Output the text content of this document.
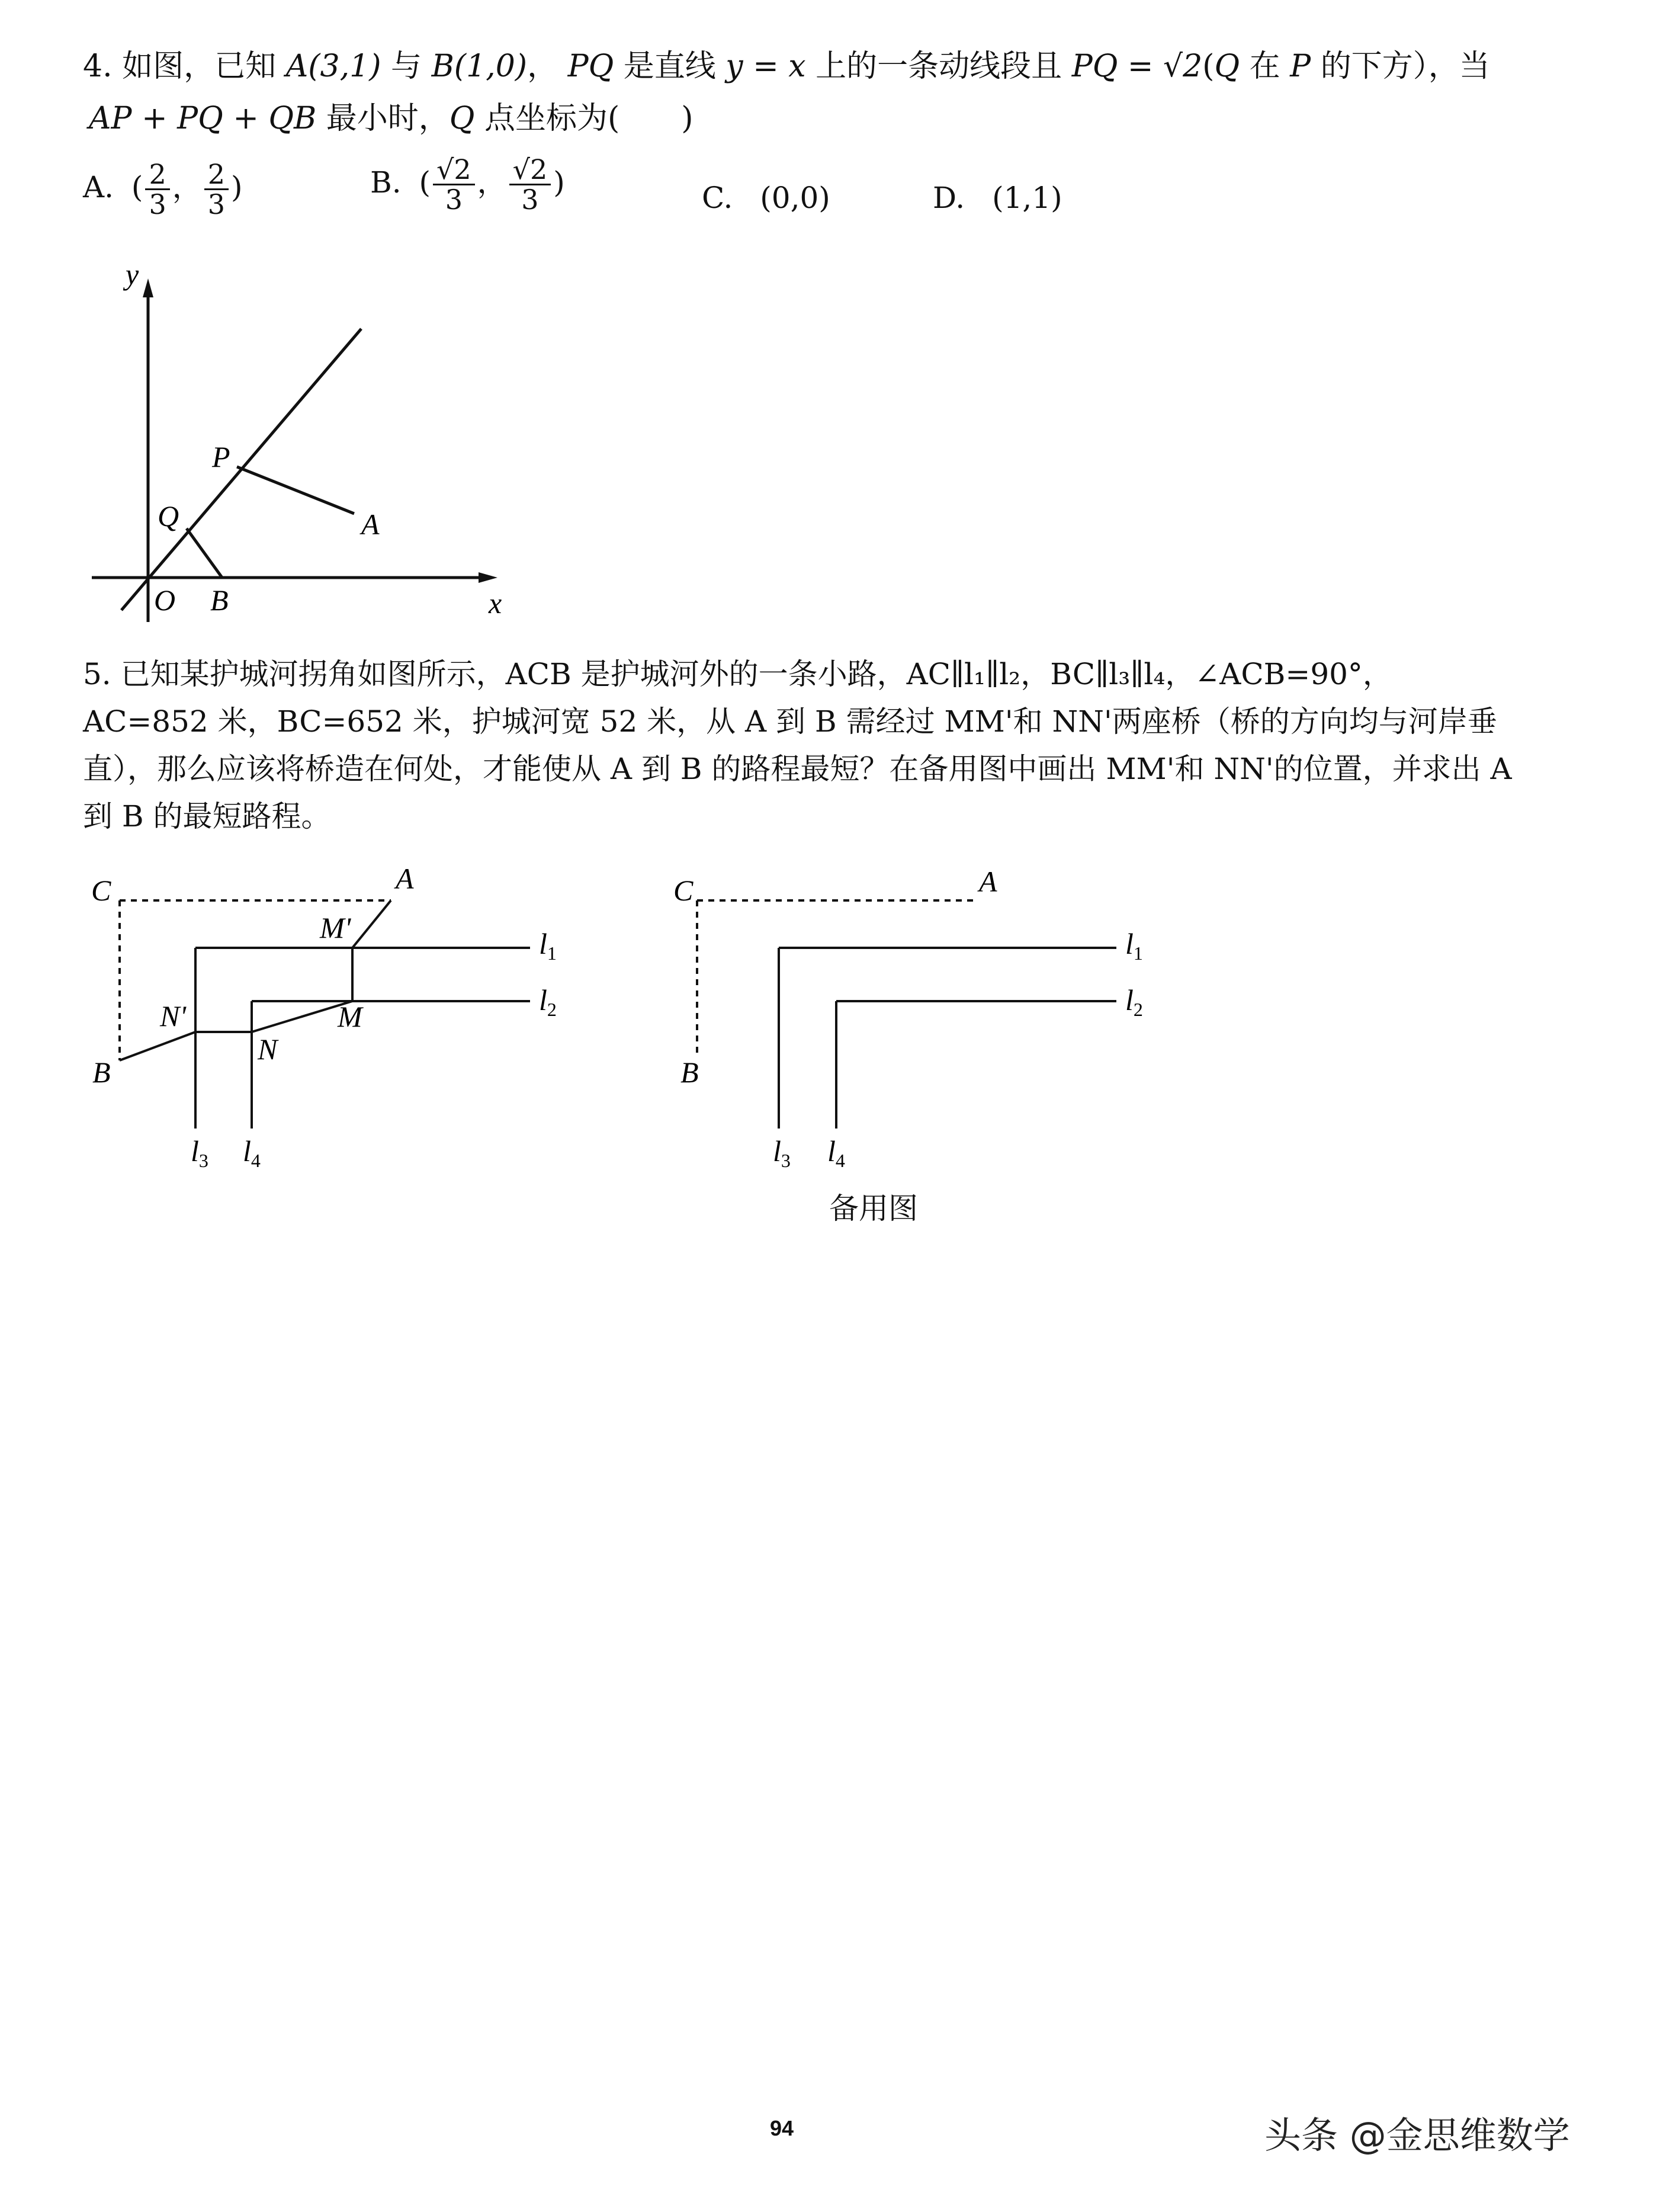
4. 如图，已知 A(3,1) 与 B(1,0)， PQ 是直线 y = x 上的一条动线段且 PQ = √2(Q 在 P 的下方），当
AP + PQ + QB 最小时，Q 点坐标为(　　)
A. ( $\frac{2}{3}$ ， $\frac{2}{3}$ )	B. ( $\frac{√2}{3}$ ， $\frac{√2}{3}$ )	C. (0,0)	D. (1,1)
y
x
O B
Q
P
A
5. 已知某护城河拐角如图所示，ACB 是护城河外的一条小路，AC∥l₁∥l₂，BC∥l₃∥l₄，∠ACB=90°，AC=852 米，BC=652 米，护城河宽 52 米，从 A 到 B 需经过 MM'和 NN'两座桥（桥的方向均与河岸垂直），那么应该将桥造在何处，才能使从 A 到 B 的路程最短？在备用图中画出 MM'和 NN'的位置，并求出 A 到 B 的最短路程。
C	A
M'
M
N'
N
B
$l_1$
$l_2$
$l_3$ $l_4$
C	A
B
$l_1$
$l_2$
$l_3$ $l_4$
备用图
94	头条 @金思维数学
